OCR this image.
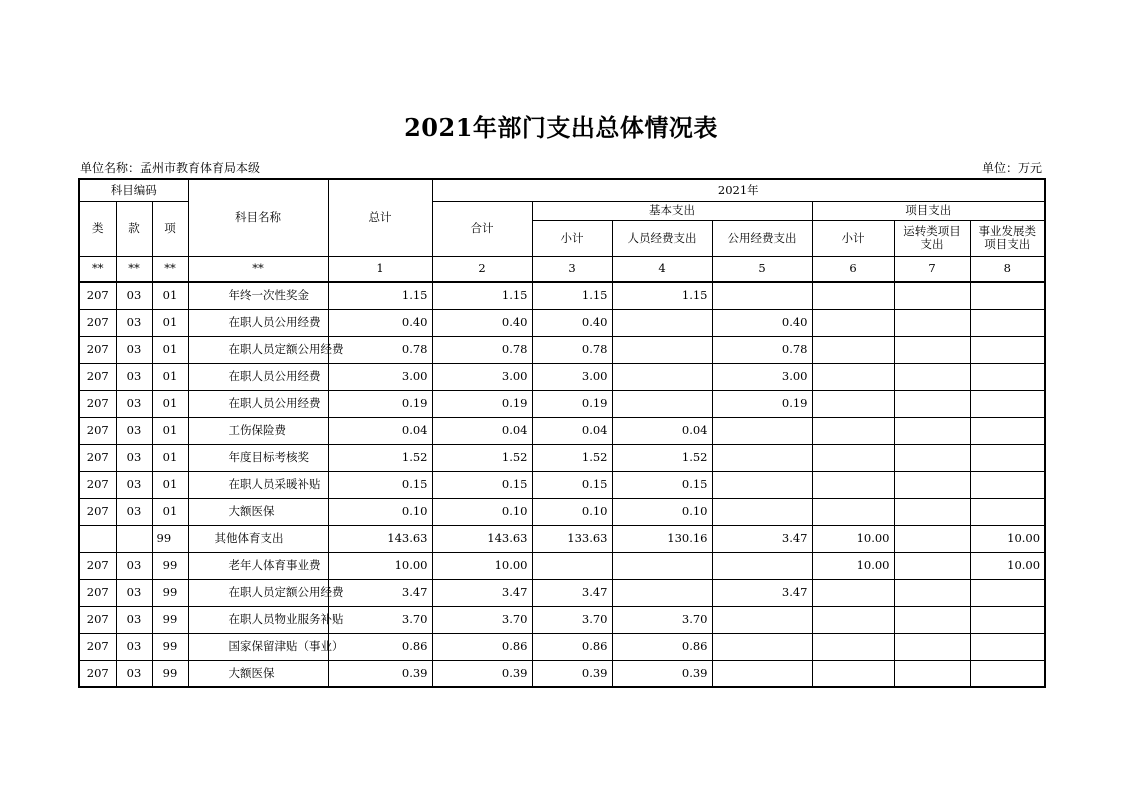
2021年部门支出总体情况表
单位名称：孟州市教育体育局本级	单位：万元
科目编码			科目名称	总计	2021年						
类	款	项			合计	基本支出			项目支出		
						小计	人员经费支出	公用经费支出	小计	运转类项目支出	事业发展类项目支出
**	**	**	**	1	2	3	4	5	6	7	8
207	03	01	年终一次性奖金	1.15	1.15	1.15	1.15				
207	03	01	在职人员公用经费	0.40	0.40	0.40		0.40			
207	03	01	在职人员定额公用经费	0.78	0.78	0.78		0.78			
207	03	01	在职人员公用经费	3.00	3.00	3.00		3.00			
207	03	01	在职人员公用经费	0.19	0.19	0.19		0.19			
207	03	01	工伤保险费	0.04	0.04	0.04	0.04				
207	03	01	年度目标考核奖	1.52	1.52	1.52	1.52				
207	03	01	在职人员采暖补贴	0.15	0.15	0.15	0.15				
207	03	01	大额医保	0.10	0.10	0.10	0.10				
		99	其他体育支出	143.63	143.63	133.63	130.16	3.47	10.00		10.00
207	03	99	老年人体育事业费	10.00	10.00				10.00		10.00
207	03	99	在职人员定额公用经费	3.47	3.47	3.47		3.47			
207	03	99	在职人员物业服务补贴	3.70	3.70	3.70	3.70				
207	03	99	国家保留津贴（事业）	0.86	0.86	0.86	0.86				
207	03	99	大额医保	0.39	0.39	0.39	0.39				
